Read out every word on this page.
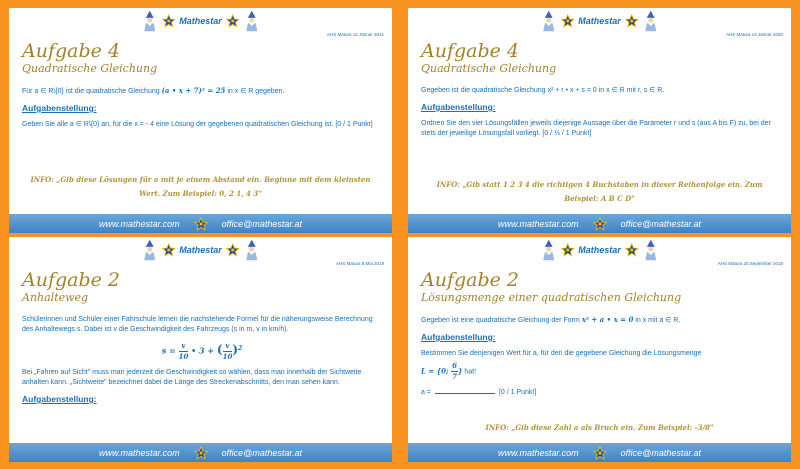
Mathestar
AHS Matura 12.Jänner 2021
Aufgabe 4
Quadratische Gleichung

Für a ∈ R\{0} ist die quadratische Gleichung (a • x + 7)² = 25 in x ∈ R gegeben.

Aufgabenstellung:

Geben Sie alle a ∈ R\{0} an, für die x = - 4 eine Lösung der gegebenen quadratischen Gleichung ist. [0 / 1 Punkt]

INFO: „Gib diese Lösungen für a mit je einem Abstand ein. Beginne mit dem kleinsten Wert. Zum Beispiel: 0, 2 1, 4 3"
www.mathestar.com	office@mathestar.at
Mathestar
AHS Matura 14.Jänner 2020
Aufgabe 4
Quadratische Gleichung

Gegeben ist die quadratische Gleichung x² + r • x + s = 0 in x ∈ R mit r, s ∈ R.

Aufgabenstellung:

Ordnen Sie den vier Lösungsfällen jeweils diejenige Aussage über die Parameter r und s (aus A bis F) zu, bei der stets der jeweilige Lösungsfall vorliegt. [0 / ½ / 1 Punkt]

INFO: „Gib statt 1 2 3 4 die richtigen 4 Buchstaben in dieser Reihenfolge ein. Zum Beispiel: A B C D"
www.mathestar.com	office@mathestar.at
Mathestar
AHS Matura 8.Mai 2019
Aufgabe 2
Anhalteweg

Schülerinnen und Schüler einer Fahrschule lernen die nachstehende Formel für die näherungsweise Berechnung des Anhaltewegs s. Dabei ist v die Geschwindigkeit des Fahrzeugs (s in m, v in km/h).

$s = \frac{v}{10}$ • 3 + ( $\frac{v}{10} )^2$

Bei „Fahren auf Sicht" muss man jederzeit die Geschwindigkeit so wählen, dass man innerhalb der Sichtweite anhalten kann. „Sichtweite" bezeichnet dabei die Länge des Streckenabschnitts, den man sehen kann.

Aufgabenstellung:
www.mathestar.com	office@mathestar.at
Mathestar
AHS Matura 20.September 2018
Aufgabe 2
Lösungsmenge einer quadratischen Gleichung

Gegeben ist eine quadratische Gleichung der Form x² + a • x = 0 in x mit a ∈ R.

Aufgabenstellung:

Bestimmen Sie denjenigen Wert für a, für den die gegebene Gleichung die Lösungsmenge

L = {0; $\frac{6}{7}$ } hat!

a =	[0 / 1 Punkt]

INFO: „Gib diese Zahl a als Bruch ein. Zum Beispiel: -3/8"
www.mathestar.com	office@mathestar.at
